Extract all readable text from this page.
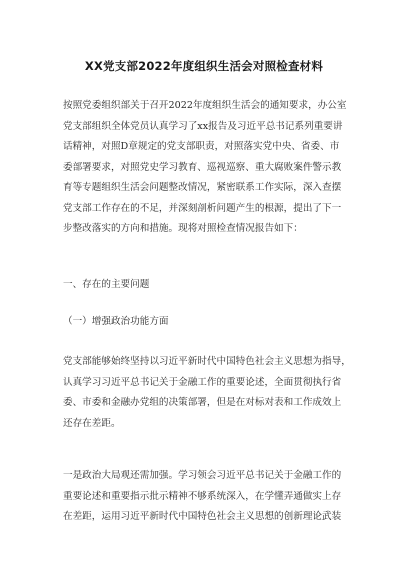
XX党支部2022年度组织生活会对照检查材料
按照党委组织部关于召开2022年度组织生活会的通知要求，办公室
党支部组织全体党员认真学习了xx报告及习近平总书记系列重要讲
话精神，对照D章规定的党支部职责，对照落实党中央、省委、市
委部署要求，对照党史学习教育、巡视巡察、重大腐败案件警示教
育等专题组织生活会问题整改情况，紧密联系工作实际，深入查摆
党支部工作存在的不足，并深刻剖析问题产生的根源，提出了下一
步整改落实的方向和措施。现将对照检查情况报告如下：
一、存在的主要问题
（一）增强政治功能方面
党支部能够始终坚持以习近平新时代中国特色社会主义思想为指导，
认真学习习近平总书记关于金融工作的重要论述，全面贯彻执行省
委、市委和金融办党组的决策部署，但是在对标对表和工作成效上
还存在差距。
一是政治大局观还需加强。学习领会习近平总书记关于金融工作的
重要论述和重要指示批示精神不够系统深入，在学懂弄通做实上存
在差距，运用习近平新时代中国特色社会主义思想的创新理论武装
